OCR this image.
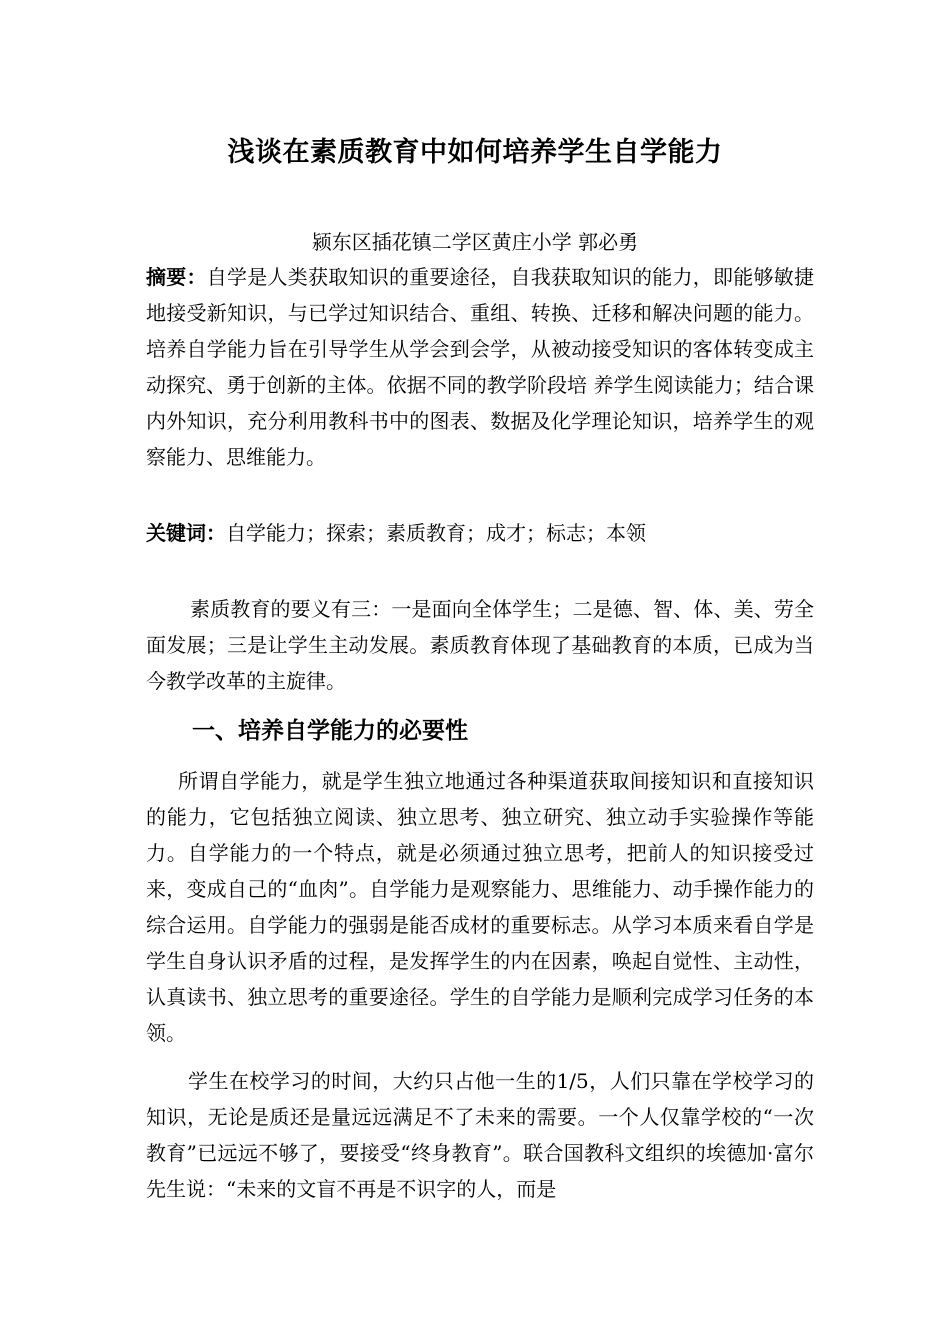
浅谈在素质教育中如何培养学生自学能力
颍东区插花镇二学区黄庄小学 郭必勇
摘要：自学是人类获取知识的重要途径，自我获取知识的能力，即能够敏捷地接受新知识，与已学过知识结合、重组、转换、迁移和解决问题的能力。培养自学能力旨在引导学生从学会到会学，从被动接受知识的客体转变成主动探究、勇于创新的主体。依据不同的教学阶段培 养学生阅读能力；结合课内外知识，充分利用教科书中的图表、数据及化学理论知识，培养学生的观察能力、思维能力。
关键词：自学能力；探索；素质教育；成才；标志；本领
素质教育的要义有三：一是面向全体学生；二是德、智、体、美、劳全面发展；三是让学生主动发展。素质教育体现了基础教育的本质，已成为当今教学改革的主旋律。
一、培养自学能力的必要性
所谓自学能力，就是学生独立地通过各种渠道获取间接知识和直接知识的能力，它包括独立阅读、独立思考、独立研究、独立动手实验操作等能力。自学能力的一个特点，就是必须通过独立思考，把前人的知识接受过来，变成自己的“血肉”。自学能力是观察能力、思维能力、动手操作能力的综合运用。自学能力的强弱是能否成材的重要标志。从学习本质来看自学是学生自身认识矛盾的过程，是发挥学生的内在因素，唤起自觉性、主动性，认真读书、独立思考的重要途径。学生的自学能力是顺利完成学习任务的本领。
学生在校学习的时间，大约只占他一生的1/5，人们只靠在学校学习的知识，无论是质还是量远远满足不了未来的需要。一个人仅靠学校的“一次教育”已远远不够了，要接受“终身教育”。联合国教科文组织的埃德加·富尔先生说：“未来的文盲不再是不识字的人，而是
